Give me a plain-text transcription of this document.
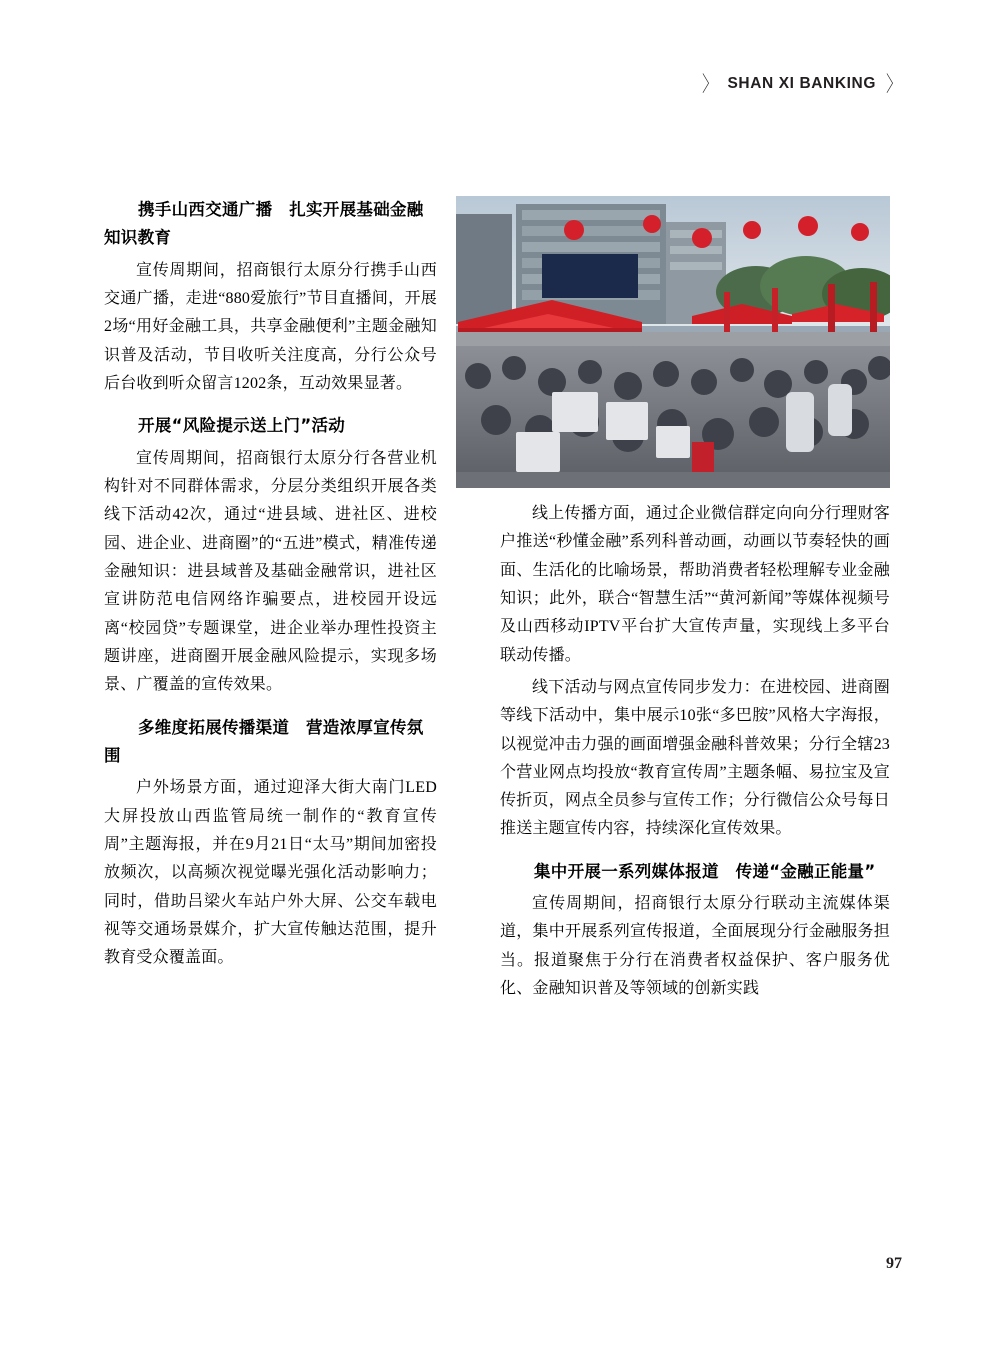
〉 SHAN XI BANKING 〉
携手山西交通广播　扎实开展基础金融知识教育

宣传周期间，招商银行太原分行携手山西交通广播，走进“880爱旅行”节目直播间，开展2场“用好金融工具，共享金融便利”主题金融知识普及活动，节目收听关注度高，分行公众号后台收到听众留言1202条，互动效果显著。

开展“风险提示送上门”活动

宣传周期间，招商银行太原分行各营业机构针对不同群体需求，分层分类组织开展各类线下活动42次，通过“进县域、进社区、进校园、进企业、进商圈”的“五进”模式，精准传递金融知识：进县域普及基础金融常识，进社区宣讲防范电信网络诈骗要点，进校园开设远离“校园贷”专题课堂，进企业举办理性投资主题讲座，进商圈开展金融风险提示，实现多场景、广覆盖的宣传效果。

多维度拓展传播渠道　营造浓厚宣传氛围

户外场景方面，通过迎泽大街大南门LED大屏投放山西监管局统一制作的“教育宣传周”主题海报，并在9月21日“太马”期间加密投放频次，以高频次视觉曝光强化活动影响力；同时，借助吕梁火车站户外大屏、公交车载电视等交通场景媒介，扩大宣传触达范围，提升教育受众覆盖面。

线上传播方面，通过企业微信群定向向分行理财客户推送“秒懂金融”系列科普动画，动画以节奏轻快的画面、生活化的比喻场景，帮助消费者轻松理解专业金融知识；此外，联合“智慧生活”“黄河新闻”等媒体视频号及山西移动IPTV平台扩大宣传声量，实现线上多平台联动传播。

线下活动与网点宣传同步发力：在进校园、进商圈等线下活动中，集中展示10张“多巴胺”风格大字海报，以视觉冲击力强的画面增强金融科普效果；分行全辖23个营业网点均投放“教育宣传周”主题条幅、易拉宝及宣传折页，网点全员参与宣传工作；分行微信公众号每日推送主题宣传内容，持续深化宣传效果。

集中开展一系列媒体报道　传递“金融正能量”

宣传周期间，招商银行太原分行联动主流媒体渠道，集中开展系列宣传报道，全面展现分行金融服务担当。报道聚焦于分行在消费者权益保护、客户服务优化、金融知识普及等领域的创新实践

97
